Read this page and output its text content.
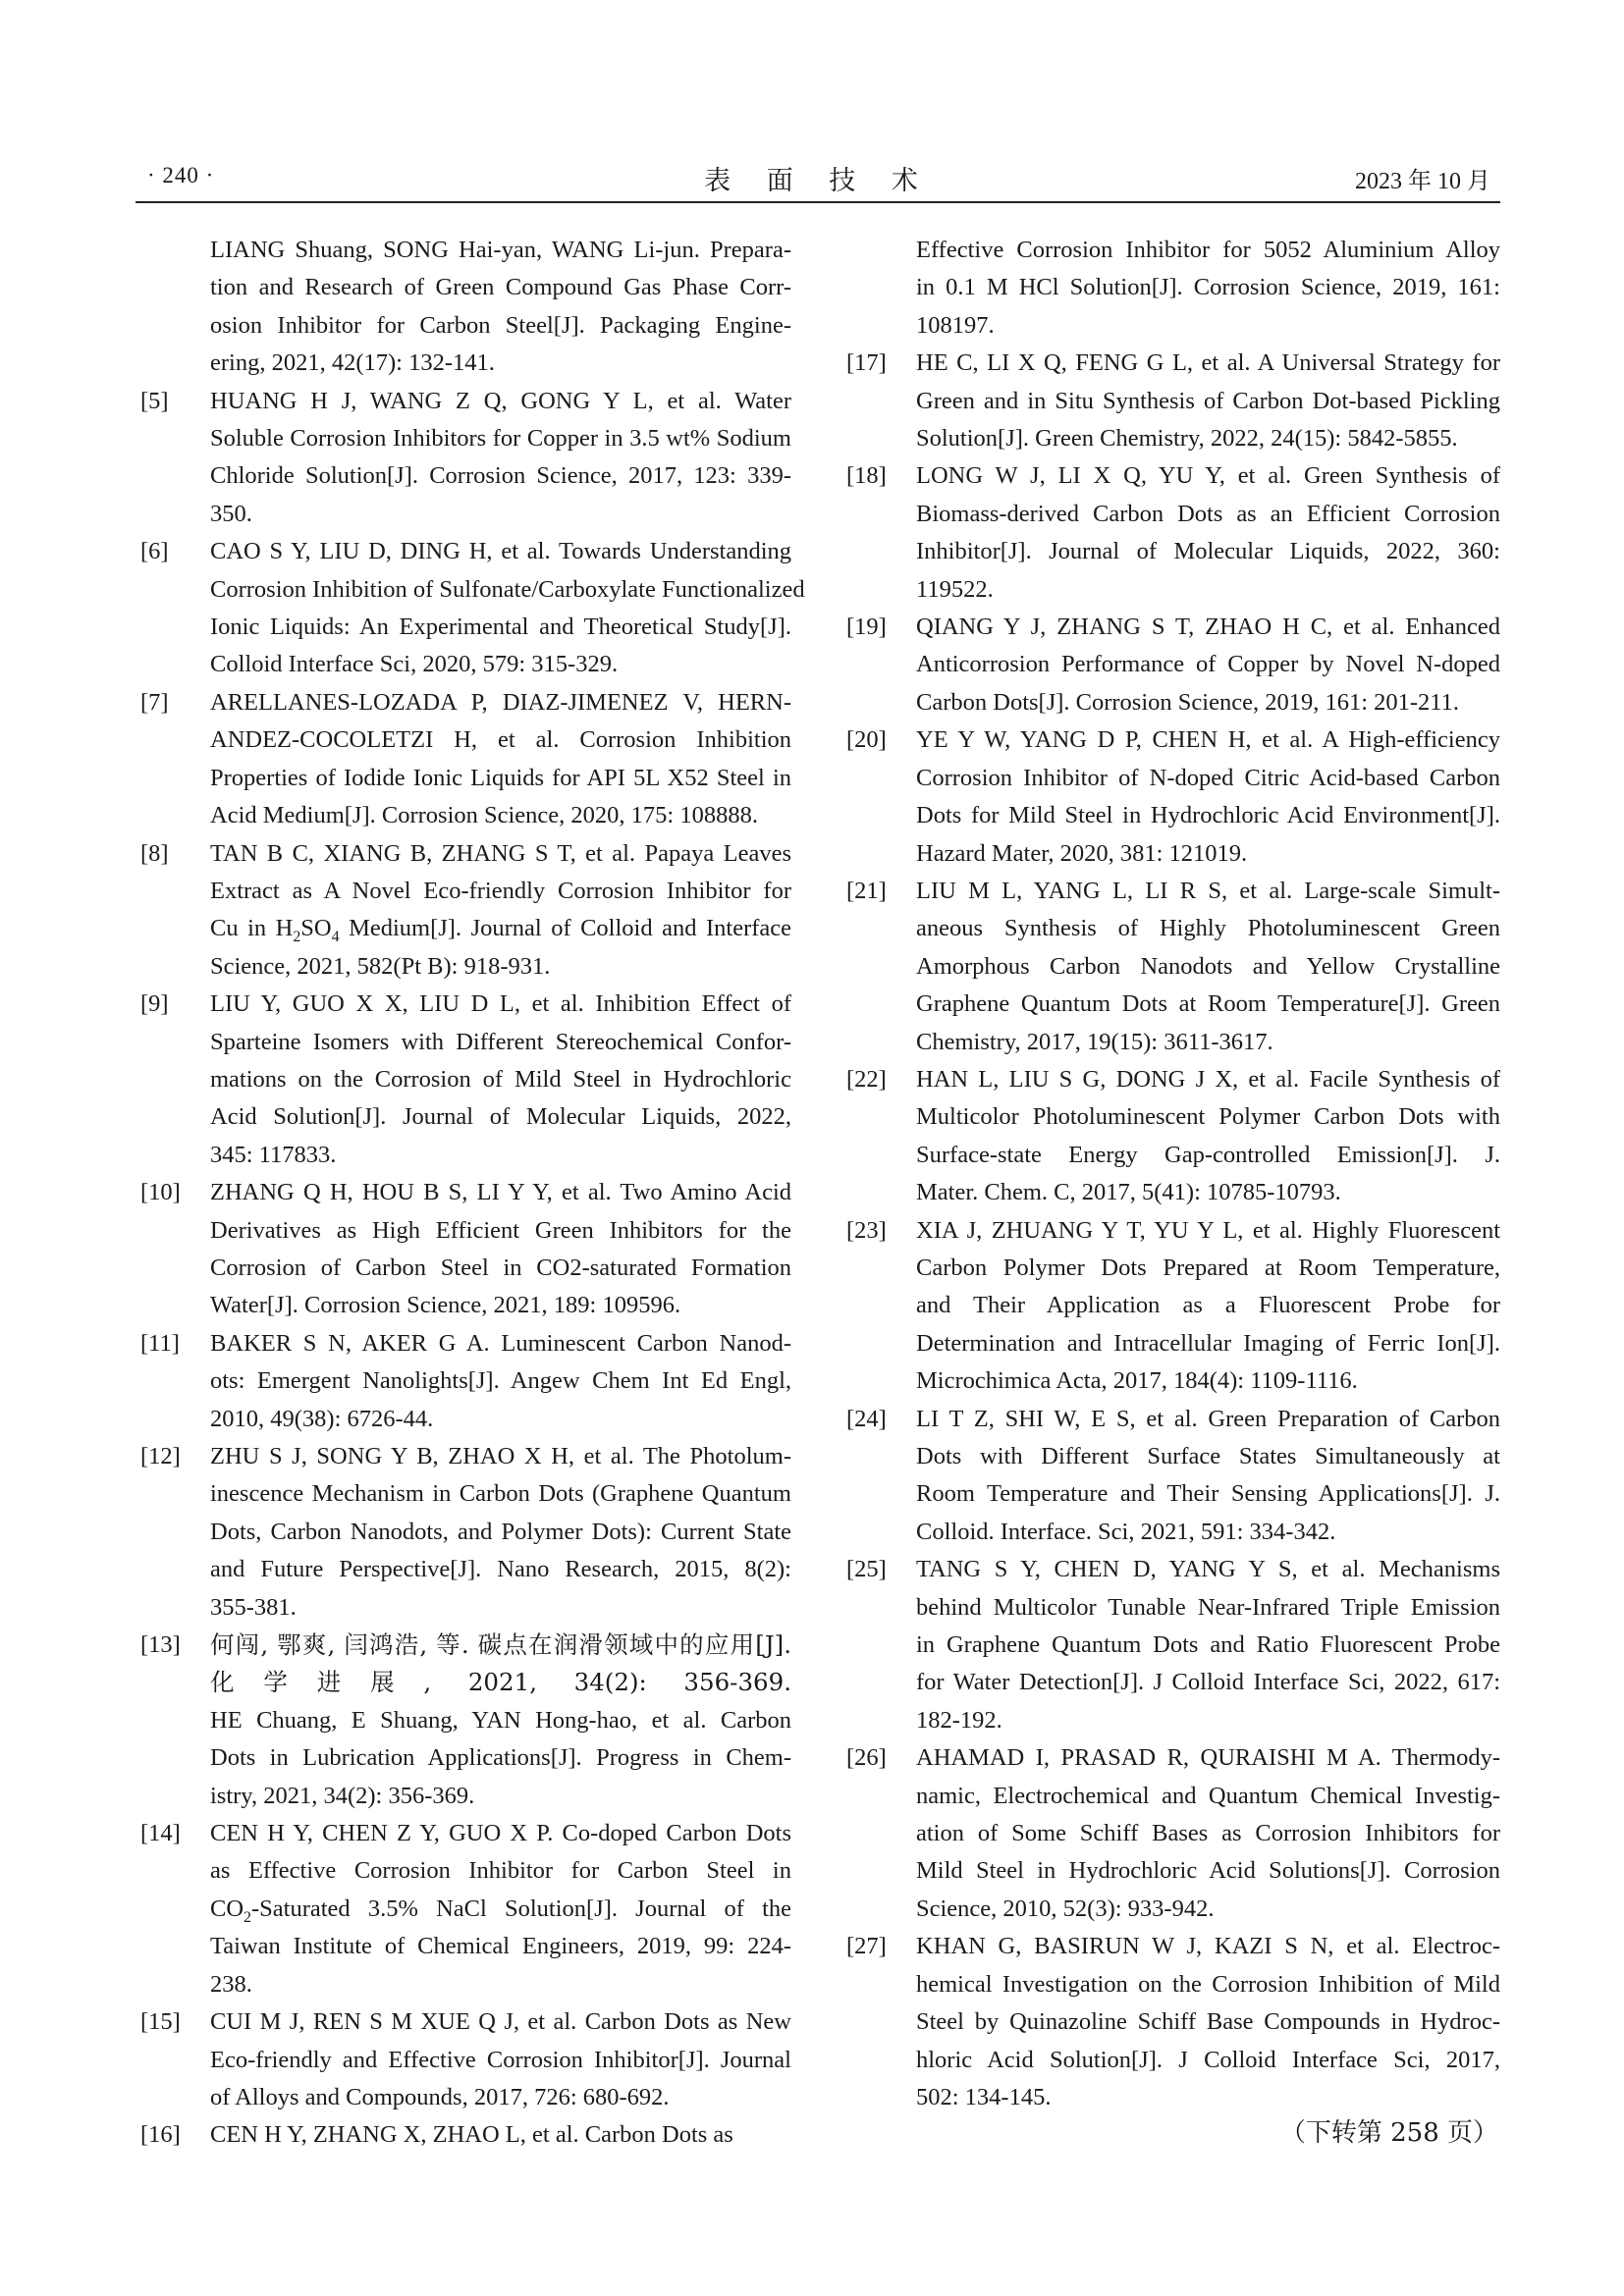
· 240 ·	表 面 技 术	2023 年 10 月
LIANG Shuang, SONG Hai-yan, WANG Li-jun. Prepara-
tion and Research of Green Compound Gas Phase Corr-
osion Inhibitor for Carbon Steel[J]. Packaging Engine-
ering, 2021, 42(17): 132-141.
[5] HUANG H J, WANG Z Q, GONG Y L, et al. Water
Soluble Corrosion Inhibitors for Copper in 3.5 wt% Sodium
Chloride Solution[J]. Corrosion Science, 2017, 123: 339-
350.
[6] CAO S Y, LIU D, DING H, et al. Towards Understanding
Corrosion Inhibition of Sulfonate/Carboxylate Functionalized
Ionic Liquids: An Experimental and Theoretical Study[J].
Colloid Interface Sci, 2020, 579: 315-329.
[7] ARELLANES-LOZADA P, DIAZ-JIMENEZ V, HERN-
ANDEZ-COCOLETZI H, et al. Corrosion Inhibition
Properties of Iodide Ionic Liquids for API 5L X52 Steel in
Acid Medium[J]. Corrosion Science, 2020, 175: 108888.
[8] TAN B C, XIANG B, ZHANG S T, et al. Papaya Leaves
Extract as A Novel Eco-friendly Corrosion Inhibitor for
Cu in $H_2SO_4$ Medium[J]. Journal of Colloid and Interface
Science, 2021, 582(Pt B): 918-931.
[9] LIU Y, GUO X X, LIU D L, et al. Inhibition Effect of
Sparteine Isomers with Different Stereochemical Confor-
mations on the Corrosion of Mild Steel in Hydrochloric
Acid Solution[J]. Journal of Molecular Liquids, 2022,
345: 117833.
[10] ZHANG Q H, HOU B S, LI Y Y, et al. Two Amino Acid
Derivatives as High Efficient Green Inhibitors for the
Corrosion of Carbon Steel in CO2-saturated Formation
Water[J]. Corrosion Science, 2021, 189: 109596.
[11] BAKER S N, AKER G A. Luminescent Carbon Nanod-
ots: Emergent Nanolights[J]. Angew Chem Int Ed Engl,
2010, 49(38): 6726-44.
[12] ZHU S J, SONG Y B, ZHAO X H, et al. The Photolum-
inescence Mechanism in Carbon Dots (Graphene Quantum
Dots, Carbon Nanodots, and Polymer Dots): Current State
and Future Perspective[J]. Nano Research, 2015, 8(2):
355-381.
[13] 何闯, 鄂爽, 闫鸿浩, 等. 碳点在润滑领域中的应用[J].
化学进展, 2021, 34(2): 356-369.
HE Chuang, E Shuang, YAN Hong-hao, et al. Carbon
Dots in Lubrication Applications[J]. Progress in Chem-
istry, 2021, 34(2): 356-369.
[14] CEN H Y, CHEN Z Y, GUO X P. Co-doped Carbon Dots
as Effective Corrosion Inhibitor for Carbon Steel in
$CO_2$-Saturated 3.5% NaCl Solution[J]. Journal of the
Taiwan Institute of Chemical Engineers, 2019, 99: 224-
238.
[15] CUI M J, REN S M XUE Q J, et al. Carbon Dots as New
Eco-friendly and Effective Corrosion Inhibitor[J]. Journal
of Alloys and Compounds, 2017, 726: 680-692.
[16] CEN H Y, ZHANG X, ZHAO L, et al. Carbon Dots as
Effective Corrosion Inhibitor for 5052 Aluminium Alloy
in 0.1 M HCl Solution[J]. Corrosion Science, 2019, 161:
108197.
[17] HE C, LI X Q, FENG G L, et al. A Universal Strategy for
Green and in Situ Synthesis of Carbon Dot-based Pickling
Solution[J]. Green Chemistry, 2022, 24(15): 5842-5855.
[18] LONG W J, LI X Q, YU Y, et al. Green Synthesis of
Biomass-derived Carbon Dots as an Efficient Corrosion
Inhibitor[J]. Journal of Molecular Liquids, 2022, 360:
119522.
[19] QIANG Y J, ZHANG S T, ZHAO H C, et al. Enhanced
Anticorrosion Performance of Copper by Novel N-doped
Carbon Dots[J]. Corrosion Science, 2019, 161: 201-211.
[20] YE Y W, YANG D P, CHEN H, et al. A High-efficiency
Corrosion Inhibitor of N-doped Citric Acid-based Carbon
Dots for Mild Steel in Hydrochloric Acid Environment[J].
Hazard Mater, 2020, 381: 121019.
[21] LIU M L, YANG L, LI R S, et al. Large-scale Simult-
aneous Synthesis of Highly Photoluminescent Green
Amorphous Carbon Nanodots and Yellow Crystalline
Graphene Quantum Dots at Room Temperature[J]. Green
Chemistry, 2017, 19(15): 3611-3617.
[22] HAN L, LIU S G, DONG J X, et al. Facile Synthesis of
Multicolor Photoluminescent Polymer Carbon Dots with
Surface-state Energy Gap-controlled Emission[J]. J.
Mater. Chem. C, 2017, 5(41): 10785-10793.
[23] XIA J, ZHUANG Y T, YU Y L, et al. Highly Fluorescent
Carbon Polymer Dots Prepared at Room Temperature,
and Their Application as a Fluorescent Probe for
Determination and Intracellular Imaging of Ferric Ion[J].
Microchimica Acta, 2017, 184(4): 1109-1116.
[24] LI T Z, SHI W, E S, et al. Green Preparation of Carbon
Dots with Different Surface States Simultaneously at
Room Temperature and Their Sensing Applications[J]. J.
Colloid. Interface. Sci, 2021, 591: 334-342.
[25] TANG S Y, CHEN D, YANG Y S, et al. Mechanisms
behind Multicolor Tunable Near-Infrared Triple Emission
in Graphene Quantum Dots and Ratio Fluorescent Probe
for Water Detection[J]. J Colloid Interface Sci, 2022, 617:
182-192.
[26] AHAMAD I, PRASAD R, QURAISHI M A. Thermody-
namic, Electrochemical and Quantum Chemical Investig-
ation of Some Schiff Bases as Corrosion Inhibitors for
Mild Steel in Hydrochloric Acid Solutions[J]. Corrosion
Science, 2010, 52(3): 933-942.
[27] KHAN G, BASIRUN W J, KAZI S N, et al. Electroc-
hemical Investigation on the Corrosion Inhibition of Mild
Steel by Quinazoline Schiff Base Compounds in Hydroc-
hloric Acid Solution[J]. J Colloid Interface Sci, 2017,
502: 134-145.
（下转第 258 页）
